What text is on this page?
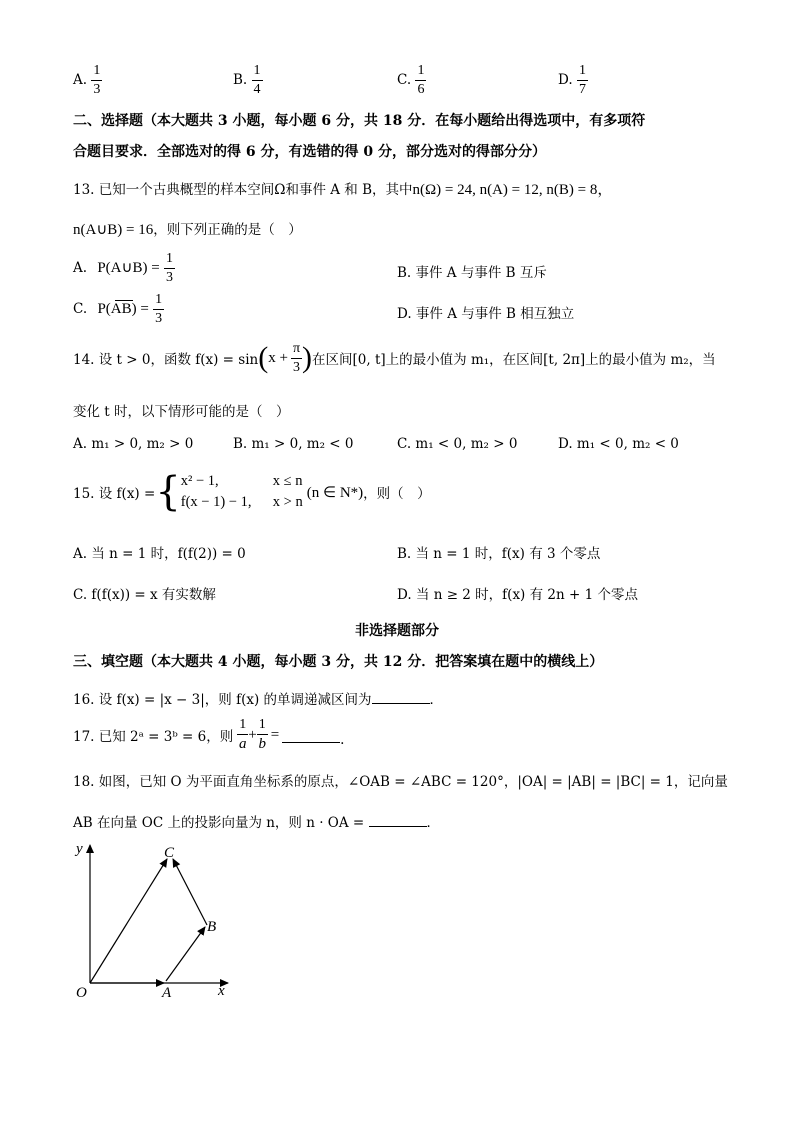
A. $\frac{1}{3}$	B. $\frac{1}{4}$	C. $\frac{1}{6}$	D. $\frac{1}{7}$
二、选择题（本大题共 3 小题，每小题 6 分，共 18 分．在每小题给出得选项中，有多项符
合题目要求．全部选对的得 6 分，有选错的得 0 分，部分选对的得部分分）
13. 已知一个古典概型的样本空间Ω和事件 A 和 B，其中n(Ω) = 24, n(A) = 12, n(B) = 8，
n(A∪B) = 16，则下列正确的是（　）
A. P(A∪B) = $\frac{1}{3}$	B. 事件 A 与事件 B 互斥
C. $P(AB) = \frac{1}{3}$	D. 事件 A 与事件 B 相互独立
14. 设 t > 0，函数 f(x) = sin ( $x + \frac{\pi}{3}$ ) 在区间[0, t]上的最小值为 m₁，在区间[t, 2π]上的最小值为 m₂，当
变化 t 时，以下情形可能的是（　）
A. m₁ > 0, m₂ > 0	B. m₁ > 0, m₂ < 0	C. m₁ < 0, m₂ > 0	D. m₁ < 0, m₂ < 0
15. 设 f(x) = { x² − 1,	x ≤ n
f(x − 1) − 1,	x > n
(n ∈ N*) ，则（　）
A. 当 n = 1 时，f(f(2)) = 0	B. 当 n = 1 时，f(x) 有 3 个零点
C. f(f(x)) = x 有实数解	D. 当 n ≥ 2 时，f(x) 有 2n + 1 个零点
非选择题部分
三、填空题（本大题共 4 小题，每小题 3 分，共 12 分．把答案填在题中的横线上）
16. 设 f(x) = |x − 3|，则 f(x) 的单调递减区间为	．
17. 已知 2ᵃ = 3ᵇ = 6，则 $\frac{1}{a} + \frac{1}{b}$ =	.
18. 如图，已知 O 为平面直角坐标系的原点，∠OAB = ∠ABC = 120°，|OA| = |AB| = |BC| = 1，记向量
AB 在向量 OC 上的投影向量为 n，则 n · OA =	．
y
x
O	A
B
C
